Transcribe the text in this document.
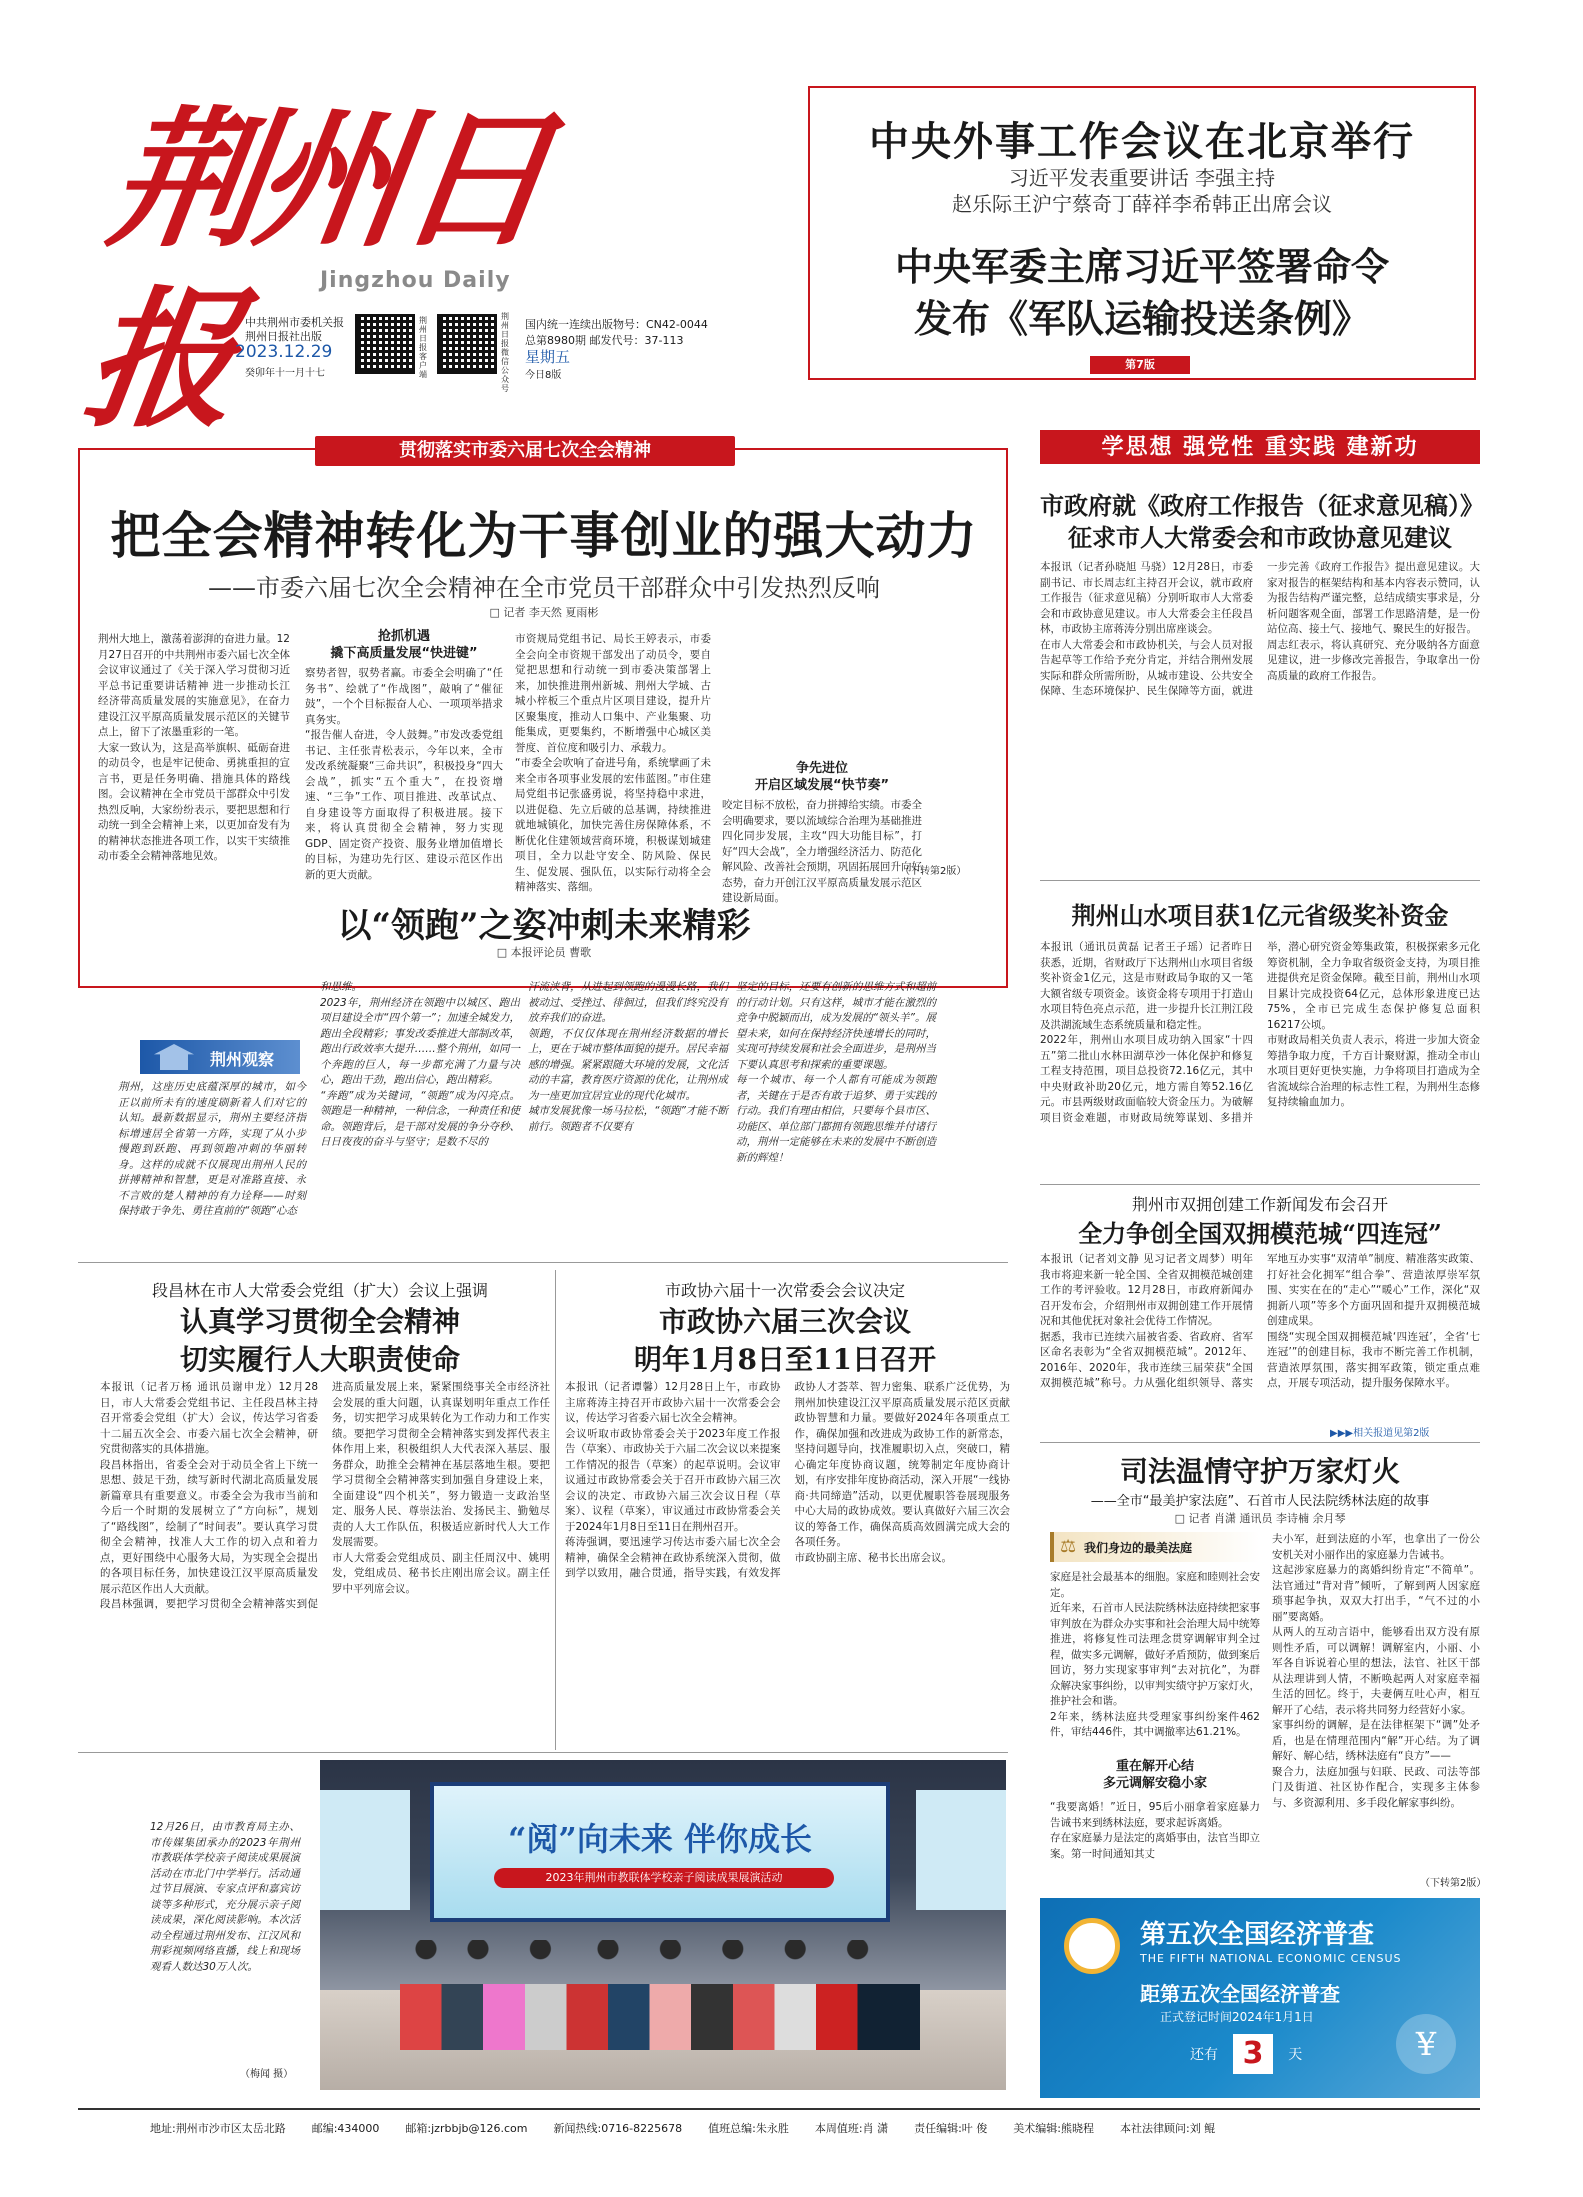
荆州日报	Jingzhou Daily
中共荆州市委机关报
荆州日报社出版
2023.12.29
癸卯年十一月十七
荆州日报客户端
荆州日报微信公众号
国内统一连续出版物号：CN42-0044
总第8980期 邮发代号：37-113
星期五
今日8版
中央外事工作会议在北京举行
习近平发表重要讲话 李强主持
赵乐际王沪宁蔡奇丁薛祥李希韩正出席会议
中央军委主席习近平签署命令
发布《军队运输投送条例》
第7版
贯彻落实市委六届七次全会精神
把全会精神转化为干事创业的强大动力
——市委六届七次全会精神在全市党员干部群众中引发热烈反响
□ 记者 李天然 夏雨彬
荆州大地上，激荡着澎湃的奋进力量。12月27日召开的中共荆州市委六届七次全体会议审议通过了《关于深入学习贯彻习近平总书记重要讲话精神 进一步推动长江经济带高质量发展的实施意见》，在奋力建设江汉平原高质量发展示范区的关键节点上，留下了浓墨重彩的一笔。
大家一致认为，这是高举旗帜、砥砺奋进的动员令，也是牢记使命、勇挑重担的宣言书，更是任务明确、措施具体的路线图。会议精神在全市党员干部群众中引发热烈反响，大家纷纷表示，要把思想和行动统一到全会精神上来，以更加奋发有为的精神状态推进各项工作，以实干实绩推动市委全会精神落地见效。
抢抓机遇
撬下高质量发展“快进键”
察势者智，驭势者赢。市委全会明确了“任务书”、绘就了“作战图”，敲响了“催征鼓”，一个个目标振奋人心、一项项举措求真务实。
“报告催人奋进，令人鼓舞。”市发改委党组书记、主任张青松表示，今年以来，全市发改系统凝聚“三命共识”，积极投身“四大会战”，抓实“五个重大”，在投资增速、“三争”工作、项目推进、改革试点、自身建设等方面取得了积极进展。接下来，将认真贯彻全会精神，努力实现GDP、固定资产投资、服务业增加值增长的目标，为建功先行区、建设示范区作出新的更大贡献。
市资规局党组书记、局长王婷表示，市委全会向全市资规干部发出了动员令，要自觉把思想和行动统一到市委决策部署上来，加快推进荆州新城、荆州大学城、古城小梓板三个重点片区项目建设，提升片区聚集度，推动人口集中、产业集聚、功能集成，更要集约，不断增强中心城区美誉度、首位度和吸引力、承载力。
“市委全会吹响了奋进号角，系统擘画了未来全市各项事业发展的宏伟蓝图。”市住建局党组书记张盛勇说，将坚持稳中求进，以进促稳、先立后破的总基调，持续推进就地城镇化，加快完善住房保障体系，不断优化住建领域营商环境，积极谋划城建项目，全力以赴守安全、防风险、保民生、促发展、强队伍，以实际行动将全会精神落实、落细。
争先进位
开启区域发展“快节奏”
咬定目标不放松，奋力拼搏给实绩。市委全会明确要求，要以流域综合治理为基础推进四化同步发展，主攻“四大功能目标”，打好“四大会战”，全力增强经济活力、防范化解风险、改善社会预期，巩固拓展回升向好态势，奋力开创江汉平原高质量发展示范区建设新局面。
（下转第2版）
以“领跑”之姿冲刺未来精彩
□ 本报评论员 曹歌
荆州观察
荆州，这座历史底蕴深厚的城市，如今正以前所未有的速度刷新着人们对它的认知。最新数据显示，荆州主要经济指标增速居全省第一方阵，实现了从小步慢跑到跃跑、再到领跑冲刺的华丽转身。这样的成就不仅展现出荆州人民的拼搏精神和智慧，更是对准路直接、永不言败的楚人精神的有力诠释——时刻保持敢于争先、勇往直前的“领跑”心态
和思维。
2023年，荆州经济在领跑中以城区、跑出项目建设全市“四个第一”；加速全城发力，跑出全段精彩；事发改委推进大部制改革，跑出行政效率大提升……整个荆州，如同一个奔跑的巨人，每一步都充满了力量与决心，跑出干劲，跑出信心，跑出精彩。
“奔跑”成为关键词，“领跑”成为闪亮点。领跑是一种精神，一种信念，一种责任和使命。领跑背后，是干部对发展的争分夺秒、日日夜夜的奋斗与坚守；是数不尽的
汗流浃背，从进起到领跑的漫漫长路，我们被动过、受挫过、徘徊过，但我们终究没有放弃我们的奋进。
领跑，不仅仅体现在荆州经济数据的增长上，更在于城市整体面貌的提升。居民幸福感的增强。紧紧跟随大环境的发展，文化活动的丰富，教育医疗资源的优化，让荆州成为一座更加宜居宜业的现代化城市。
城市发展犹像一场马拉松，“领跑”才能不断前行。领跑者不仅要有
坚定的目标，还要有创新的思维方式和超前的行动计划。只有这样，城市才能在激烈的竞争中脱颖而出，成为发展的“领头羊”。展望未来，如何在保持经济快速增长的同时，实现可持续发展和社会全面进步，是荆州当下要认真思考和探索的重要课题。
每一个城市、每一个人都有可能成为领跑者，关键在于是否有敢于追梦、勇于实践的行动。我们有理由相信，只要每个县市区、功能区、单位部门都拥有领跑思维并付诸行动，荆州一定能够在未来的发展中不断创造新的辉煌！
段昌林在市人大常委会党组（扩大）会议上强调
认真学习贯彻全会精神
切实履行人大职责使命
本报讯（记者万杨 通讯员谢申龙）12月28日，市人大常委会党组书记、主任段昌林主持召开常委会党组（扩大）会议，传达学习省委十二届五次全会、市委六届七次全会精神，研究贯彻落实的具体措施。
段昌林指出，省委全会对于动员全省上下统一思想、鼓足干劲，续写新时代湖北高质量发展新篇章具有重要意义。市委全会为我市当前和今后一个时期的发展树立了“方向标”，规划了“路线图”，绘制了“时间表”。要认真学习贯彻全会精神，找准人大工作的切入点和着力点，更好围绕中心服务大局，为实现全会提出的各项目标任务，加快建设江汉平原高质量发展示范区作出人大贡献。
段昌林强调，要把学习贯彻全会精神落实到促进高质量发展上来，紧紧围绕事关全市经济社会发展的重大问题，认真谋划明年重点工作任务，切实把学习成果转化为工作动力和工作实绩。要把学习贯彻全会精神落实到发挥代表主体作用上来，积极组织人大代表深入基层、服务群众，助推全会精神在基层落地生根。要把学习贯彻全会精神落实到加强自身建设上来，全面建设“四个机关”，努力锻造一支政治坚定、服务人民、尊崇法治、发扬民主、勤勉尽责的人大工作队伍，积极适应新时代人大工作发展需要。
市人大常委会党组成员、副主任周汉中、姚明发，党组成员、秘书长庄刚出席会议。副主任罗中平列席会议。
市政协六届十一次常委会会议决定
市政协六届三次会议
明年1月8日至11日召开
本报讯（记者谭馨）12月28日上午，市政协主席蒋涛主持召开市政协六届十一次常委会会议，传达学习省委六届七次全会精神。
会议听取市政协常委会关于2023年度工作报告（草案）、市政协关于六届二次会议以来提案工作情况的报告（草案）的起草说明。会议审议通过市政协常委会关于召开市政协六届三次会议的决定、市政协六届三次会议日程（草案）、议程（草案），审议通过市政协常委会关于2024年1月8日至11日在荆州召开。
蒋涛强调，要迅速学习传达市委六届七次全会精神，确保全会精神在政协系统深入贯彻，做到学以致用，融合贯通，指导实践，有效发挥政协人才荟萃、智力密集、联系广泛优势，为荆州加快建设江汉平原高质量发展示范区贡献政协智慧和力量。要做好2024年各项重点工作，确保加强和改进成为政协工作的新常态，坚持问题导向，找准履职切入点，突破口，精心确定年度协商议题，统筹制定年度协商计划，有序安排年度协商活动，深入开展“一线协商·共同缔造”活动，以更优履职答卷展现服务中心大局的政协成效。要认真做好六届三次会议的筹备工作，确保高质高效圆满完成大会的各项任务。
市政协副主席、秘书长出席会议。
12月26日，由市教育局主办、市传媒集团承办的2023年荆州市教联体学校亲子阅读成果展演活动在市北门中学举行。活动通过节目展演、专家点评和嘉宾访谈等多种形式，充分展示亲子阅读成果，深化阅读影响。本次活动全程通过荆州发布、江汉风和荆彩视频网络直播，线上和现场观看人数达30万人次。
（梅闻 摄）
“阅”向未来 伴你成长
2023年荆州市教联体学校亲子阅读成果展演活动
学思想 强党性 重实践 建新功
市政府就《政府工作报告（征求意见稿）》
征求市人大常委会和市政协意见建议
本报讯（记者孙晓旭 马骁）12月28日，市委副书记、市长周志红主持召开会议，就市政府工作报告（征求意见稿）分别听取市人大常委会和市政协意见建议。市人大常委会主任段昌林，市政协主席蒋涛分别出席座谈会。
在市人大常委会和市政协机关，与会人员对报告起草等工作给予充分肯定，并结合荆州发展实际和群众所需所盼，从城市建设、公共安全保障、生态环境保护、民生保障等方面，就进一步完善《政府工作报告》提出意见建议。大家对报告的框架结构和基本内容表示赞同，认为报告结构严谨完整，总结成绩实事求是，分析问题客观全面，部署工作思路清楚，是一份站位高、接土气、接地气、聚民生的好报告。
周志红表示，将认真研究、充分吸纳各方面意见建议，进一步修改完善报告，争取拿出一份高质量的政府工作报告。
荆州山水项目获1亿元省级奖补资金
本报讯（通讯员黄磊 记者王子瑶）记者昨日获悉，近期，省财政厅下达荆州山水项目省级奖补资金1亿元，这是市财政局争取的又一笔大额省级专项资金。该资金将专项用于打造山水项目特色亮点示范，进一步提升长江荆江段及洪湖流域生态系统质量和稳定性。
2022年，荆州山水项目成功纳入国家“十四五”第二批山水林田湖草沙一体化保护和修复工程支持范围，项目总投资72.16亿元，其中中央财政补助20亿元，地方需自筹52.16亿元。市县两级财政面临较大资金压力。为破解项目资金难题，市财政局统筹谋划、多措并举，潜心研究资金筹集政策，积极探索多元化筹资机制，全力争取省级资金支持，为项目推进提供充足资金保障。截至目前，荆州山水项目累计完成投资64亿元，总体形象进度已达75%，全市已完成生态保护修复总面积16217公顷。
市财政局相关负责人表示，将进一步加大资金筹措争取力度，千方百计聚财源，推动全市山水项目更好更快实施，力争将项目打造成为全省流域综合治理的标志性工程，为荆州生态修复持续输血加力。
荆州市双拥创建工作新闻发布会召开
全力争创全国双拥模范城“四连冠”
本报讯（记者刘文静 见习记者文周梦）明年我市将迎来新一轮全国、全省双拥模范城创建工作的考评验收。12月28日，市政府新闻办召开发布会，介绍荆州市双拥创建工作开展情况和其他优抚对象社会优待工作情况。
据悉，我市已连续六届被省委、省政府、省军区命名表彰为“全省双拥模范城”。2012年、2016年、2020年，我市连续三届荣获“全国双拥模范城”称号。力从强化组织领导、落实军地互办实事“双清单”制度、精准落实政策、打好社会化拥军“组合拳”、营造浓厚崇军氛围、实实在在的“走心”“暖心”工作，深化“双拥新八项”等多个方面巩固和提升双拥模范城创建成果。
围绕“实现全国双拥模范城‘四连冠’，全省‘七连冠’”的创建目标，我市不断完善工作机制，营造浓厚氛围，落实拥军政策，锁定重点难点，开展专项活动，提升服务保障水平。
▶▶▶相关报道见第2版
司法温情守护万家灯火
——全市“最美护家法庭”、石首市人民法院绣林法庭的故事
□ 记者 肖潇 通讯员 李诗楠 余月琴
⚖ 我们身边的最美法庭
家庭是社会最基本的细胞。家庭和睦则社会安定。
近年来，石首市人民法院绣林法庭持续把家事审判放在为群众办实事和社会治理大局中统筹推进，将修复性司法理念贯穿调解审判全过程，做实多元调解，做好矛盾预防，做到案后回访，努力实现家事审判“去对抗化”，为群众解决家事纠纷，以审判实绩守护万家灯火，推护社会和谐。
2年来，绣林法庭共受理家事纠纷案件462件，审结446件，其中调撤率达61.21%。
重在解开心结
多元调解安稳小家
“我要离婚！”近日，95后小丽拿着家庭暴力告诫书来到绣林法庭，要求起诉离婚。
存在家庭暴力是法定的离婚事由，法官当即立案。第一时间通知其丈
夫小军，赶到法庭的小军，也拿出了一份公安机关对小丽作出的家庭暴力告诫书。
这起涉家庭暴力的离婚纠纷肯定“不简单”。法官通过“背对背”倾听，了解到两人因家庭琐事起争执，双双大打出手，“气不过的小丽”要离婚。
从两人的互动言语中，能够看出双方没有原则性矛盾，可以调解！调解室内，小丽、小军各自诉说着心里的想法，法官、社区干部从法理讲到人情，不断唤起两人对家庭幸福生活的回忆。终于，夫妻俩互吐心声，相互解开了心结，表示将共同努力经营好小家。
家事纠纷的调解，是在法律框架下“调”处矛盾，也是在情理范围内“解”开心结。为了调解好、解心结，绣林法庭有“良方”——
聚合力，法庭加强与妇联、民政、司法等部门及街道、社区协作配合，实现多主体参与、多资源利用、多手段化解家事纠纷。
（下转第2版）
第五次全国经济普查
THE FIFTH NATIONAL ECONOMIC CENSUS
距第五次全国经济普查
正式登记时间2024年1月1日
还有 3 天	¥
地址:荆州市沙市区太岳北路 邮编:434000 邮箱:jzrbbjb@126.com 新闻热线:0716-8225678 值班总编:朱永胜 本周值班:肖 潇 责任编辑:叶 俊 美术编辑:熊晓程 本社法律顾问:刘 鲲
